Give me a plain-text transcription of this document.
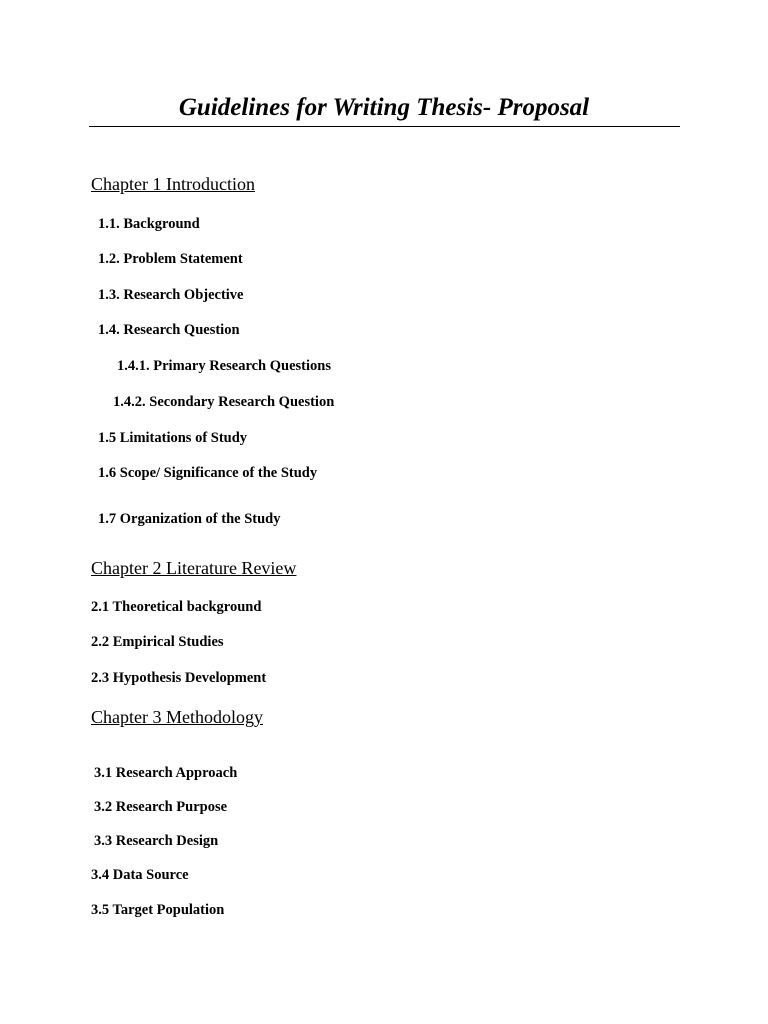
Guidelines for Writing Thesis- Proposal
Chapter 1 Introduction
1.1. Background
1.2. Problem Statement
1.3. Research Objective
1.4. Research Question
1.4.1. Primary Research Questions
1.4.2. Secondary Research Question
1.5 Limitations of Study
1.6 Scope/ Significance of the Study
1.7 Organization of the Study
Chapter 2 Literature Review
2.1 Theoretical background
2.2 Empirical Studies
2.3 Hypothesis Development
Chapter 3 Methodology
3.1 Research Approach
3.2 Research Purpose
3.3 Research Design
3.4 Data Source
3.5 Target Population
